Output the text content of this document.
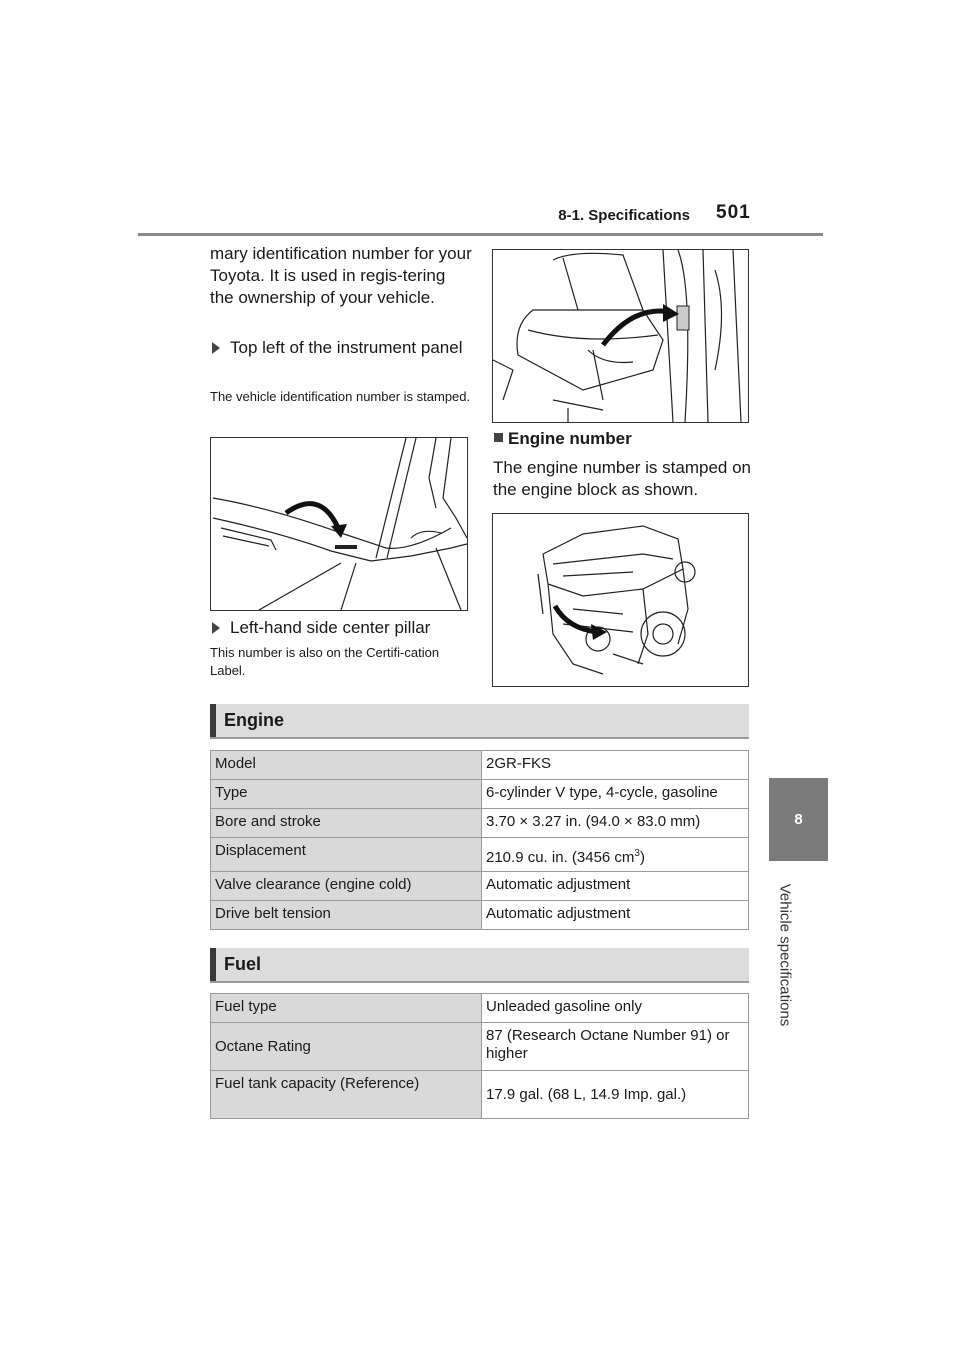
8-1. Specifications 501
8
Vehicle specifications
mary identification number for your Toyota. It is used in regis-tering the ownership of your vehicle.
Top left of the instrument panel
The vehicle identification number is stamped.
Left-hand side center pillar
This number is also on the Certifi-cation Label.
Engine number
The engine number is stamped on the engine block as shown.
Engine
Model	2GR-FKS
Type	6-cylinder V type, 4-cycle, gasoline
Bore and stroke	3.70 × 3.27 in. (94.0 × 83.0 mm)
Displacement	210.9 cu. in. (3456 $cm^3$)
Valve clearance (engine cold)	Automatic adjustment
Drive belt tension	Automatic adjustment
Fuel
Fuel type	Unleaded gasoline only
Octane Rating	87 (Research Octane Number 91) or higher
Fuel tank capacity (Reference)	17.9 gal. (68 L, 14.9 Imp. gal.)
